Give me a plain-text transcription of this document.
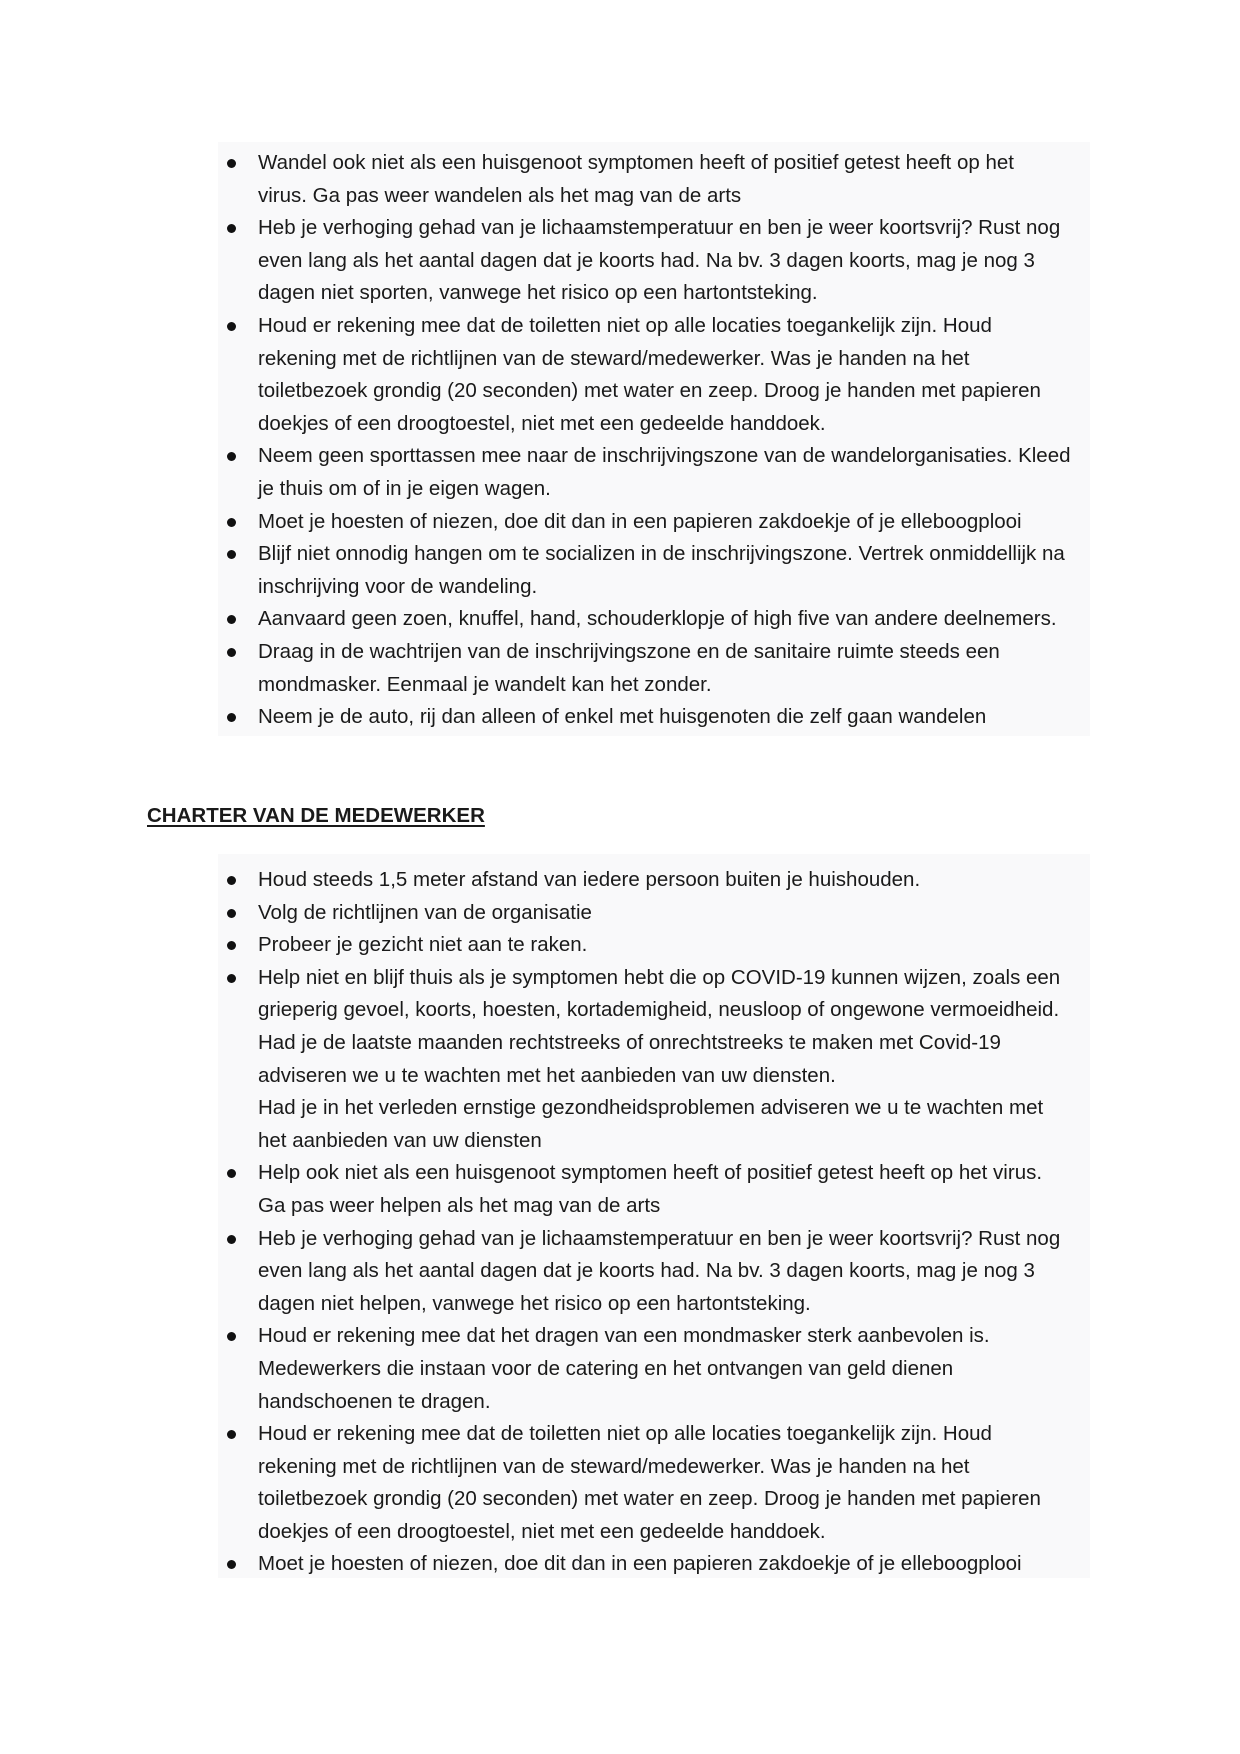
Wandel ook niet als een huisgenoot symptomen heeft of positief getest heeft op het
virus. Ga pas weer wandelen als het mag van de arts
Heb je verhoging gehad van je lichaamstemperatuur en ben je weer koortsvrij? Rust nog
even lang als het aantal dagen dat je koorts had. Na bv. 3 dagen koorts, mag je nog 3
dagen niet sporten, vanwege het risico op een hartontsteking.
Houd er rekening mee dat de toiletten niet op alle locaties toegankelijk zijn. Houd
rekening met de richtlijnen van de steward/medewerker. Was je handen na het
toiletbezoek grondig (20 seconden) met water en zeep. Droog je handen met papieren
doekjes of een droogtoestel, niet met een gedeelde handdoek.
Neem geen sporttassen mee naar de inschrijvingszone van de wandelorganisaties. Kleed
je thuis om of in je eigen wagen.
Moet je hoesten of niezen, doe dit dan in een papieren zakdoekje of je elleboogplooi
Blijf niet onnodig hangen om te socializen in de inschrijvingszone. Vertrek onmiddellijk na
inschrijving voor de wandeling.
Aanvaard geen zoen, knuffel, hand, schouderklopje of high five van andere deelnemers.
Draag in de wachtrijen van de inschrijvingszone en de sanitaire ruimte steeds een
mondmasker. Eenmaal je wandelt kan het zonder.
Neem je de auto, rij dan alleen of enkel met huisgenoten die zelf gaan wandelen
CHARTER VAN DE MEDEWERKER
Houd steeds 1,5 meter afstand van iedere persoon buiten je huishouden.
Volg de richtlijnen van de organisatie
Probeer je gezicht niet aan te raken.
Help niet en blijf thuis als je symptomen hebt die op COVID-19 kunnen wijzen, zoals een
grieperig gevoel, koorts, hoesten, kortademigheid, neusloop of ongewone vermoeidheid.
Had je de laatste maanden rechtstreeks of onrechtstreeks te maken met Covid-19
adviseren we u te wachten met het aanbieden van uw diensten.
Had je in het verleden ernstige gezondheidsproblemen adviseren we u te wachten met
het aanbieden van uw diensten
Help ook niet als een huisgenoot symptomen heeft of positief getest heeft op het virus.
Ga pas weer helpen als het mag van de arts
Heb je verhoging gehad van je lichaamstemperatuur en ben je weer koortsvrij? Rust nog
even lang als het aantal dagen dat je koorts had. Na bv. 3 dagen koorts, mag je nog 3
dagen niet helpen, vanwege het risico op een hartontsteking.
Houd er rekening mee dat het dragen van een mondmasker sterk aanbevolen is.
Medewerkers die instaan voor de catering en het ontvangen van geld dienen
handschoenen te dragen.
Houd er rekening mee dat de toiletten niet op alle locaties toegankelijk zijn. Houd
rekening met de richtlijnen van de steward/medewerker. Was je handen na het
toiletbezoek grondig (20 seconden) met water en zeep. Droog je handen met papieren
doekjes of een droogtoestel, niet met een gedeelde handdoek.
Moet je hoesten of niezen, doe dit dan in een papieren zakdoekje of je elleboogplooi
